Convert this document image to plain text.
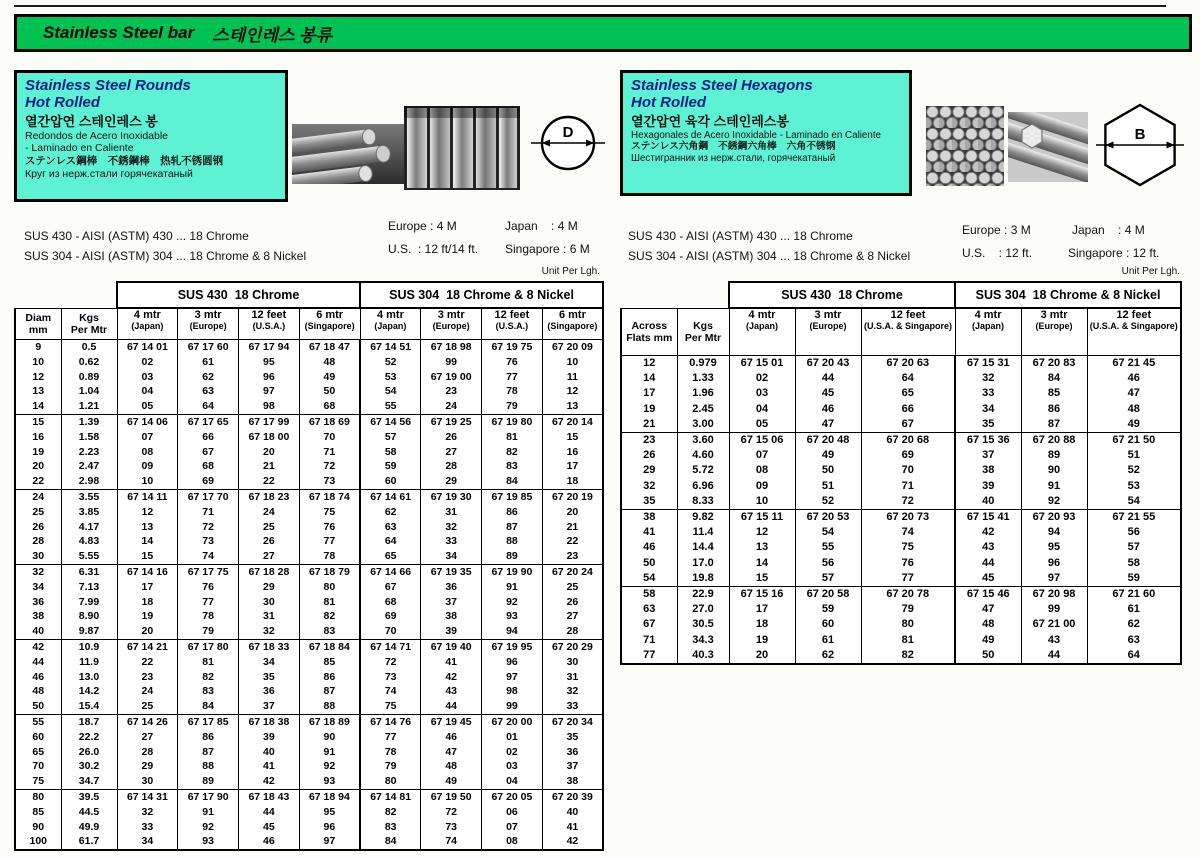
Stainless Steel bar 스테인레스 봉류
Stainless Steel Rounds
Hot Rolled
열간압연 스테인레스 봉
Redondos de Acero Inoxidable
- Laminado en Caliente
ステンレス鋼棒　不銹鋼棒　热轧不锈圆钢
Круг из нерж.стали горячекатаный
D
Europe : 4 M	Japan    : 4 M
U.S.  : 12 ft/14 ft. Singapore : 6 M
SUS 430 - AISI (ASTM) 430 ... 18 Chrome
SUS 304 - AISI (ASTM) 304 ... 18 Chrome & 8 Nickel
Unit Per Lgh.
		SUS 430  18 Chrome				SUS 304  18 Chrome & 8 Nickel			

Diam
mm

Kgs
Per Mtr

4 mtr
(Japan)

3 mtr
(Europe)

12 feet
(U.S.A.)

6 mtr
(Singapore)

4 mtr
(Japan)

3 mtr
(Europe)

12 feet
(U.S.A.)

6 mtr
(Singapore)

9	0.5	67 14 01	67 17 60	67 17 94	67 18 47	67 14 51	67 18 98	67 19 75	67 20 09
10	0.62	02	61	95	48	52	99	76	10
12	0.89	03	62	96	49	53	67 19 00	77	11
13	1.04	04	63	97	50	54	23	78	12
14	1.21	05	64	98	68	55	24	79	13
15	1.39	67 14 06	67 17 65	67 17 99	67 18 69	67 14 56	67 19 25	67 19 80	67 20 14
16	1.58	07	66	67 18 00	70	57	26	81	15
19	2.23	08	67	20	71	58	27	82	16
20	2.47	09	68	21	72	59	28	83	17
22	2.98	10	69	22	73	60	29	84	18
24	3.55	67 14 11	67 17 70	67 18 23	67 18 74	67 14 61	67 19 30	67 19 85	67 20 19
25	3.85	12	71	24	75	62	31	86	20
26	4.17	13	72	25	76	63	32	87	21
28	4.83	14	73	26	77	64	33	88	22
30	5.55	15	74	27	78	65	34	89	23
32	6.31	67 14 16	67 17 75	67 18 28	67 18 79	67 14 66	67 19 35	67 19 90	67 20 24
34	7.13	17	76	29	80	67	36	91	25
36	7.99	18	77	30	81	68	37	92	26
38	8.90	19	78	31	82	69	38	93	27
40	9.87	20	79	32	83	70	39	94	28
42	10.9	67 14 21	67 17 80	67 18 33	67 18 84	67 14 71	67 19 40	67 19 95	67 20 29
44	11.9	22	81	34	85	72	41	96	30
46	13.0	23	82	35	86	73	42	97	31
48	14.2	24	83	36	87	74	43	98	32
50	15.4	25	84	37	88	75	44	99	33
55	18.7	67 14 26	67 17 85	67 18 38	67 18 89	67 14 76	67 19 45	67 20 00	67 20 34
60	22.2	27	86	39	90	77	46	01	35
65	26.0	28	87	40	91	78	47	02	36
70	30.2	29	88	41	92	79	48	03	37
75	34.7	30	89	42	93	80	49	04	38
80	39.5	67 14 31	67 17 90	67 18 43	67 18 94	67 14 81	67 19 50	67 20 05	67 20 39
85	44.5	32	91	44	95	82	72	06	40
90	49.9	33	92	45	96	83	73	07	41
100	61.7	34	93	46	97	84	74	08	42
Stainless Steel Hexagons
Hot Rolled
열간압연 육각 스테인레스봉
Hexagonales de Acero Inoxidable - Laminado en Caliente
ステンレス六角鋼　不銹鋼六角棒　六角不锈钢
Шестигранник из нерж.стали, горячекатаный
B
Europe : 3 M	Japan    : 4 M
U.S.    : 12 ft.	Singapore : 12 ft.
SUS 430 - AISI (ASTM) 430 ... 18 Chrome
SUS 304 - AISI (ASTM) 304 ... 18 Chrome & 8 Nickel
Unit Per Lgh.
		SUS 430  18 Chrome			SUS 304  18 Chrome & 8 Nickel		

Across
Flats mm

Kgs
Per Mtr

4 mtr
(Japan)

3 mtr
(Europe)

12 feet
(U.S.A. & Singapore)

4 mtr
(Japan)

3 mtr
(Europe)

12 feet
(U.S.A. & Singapore)

12	0.979	67 15 01	67 20 43	67 20 63	67 15 31	67 20 83	67 21 45
14	1.33	02	44	64	32	84	46
17	1.96	03	45	65	33	85	47
19	2.45	04	46	66	34	86	48
21	3.00	05	47	67	35	87	49
23	3.60	67 15 06	67 20 48	67 20 68	67 15 36	67 20 88	67 21 50
26	4.60	07	49	69	37	89	51
29	5.72	08	50	70	38	90	52
32	6.96	09	51	71	39	91	53
35	8.33	10	52	72	40	92	54
38	9.82	67 15 11	67 20 53	67 20 73	67 15 41	67 20 93	67 21 55
41	11.4	12	54	74	42	94	56
46	14.4	13	55	75	43	95	57
50	17.0	14	56	76	44	96	58
54	19.8	15	57	77	45	97	59
58	22.9	67 15 16	67 20 58	67 20 78	67 15 46	67 20 98	67 21 60
63	27.0	17	59	79	47	99	61
67	30.5	18	60	80	48	67 21 00	62
71	34.3	19	61	81	49	43	63
77	40.3	20	62	82	50	44	64
